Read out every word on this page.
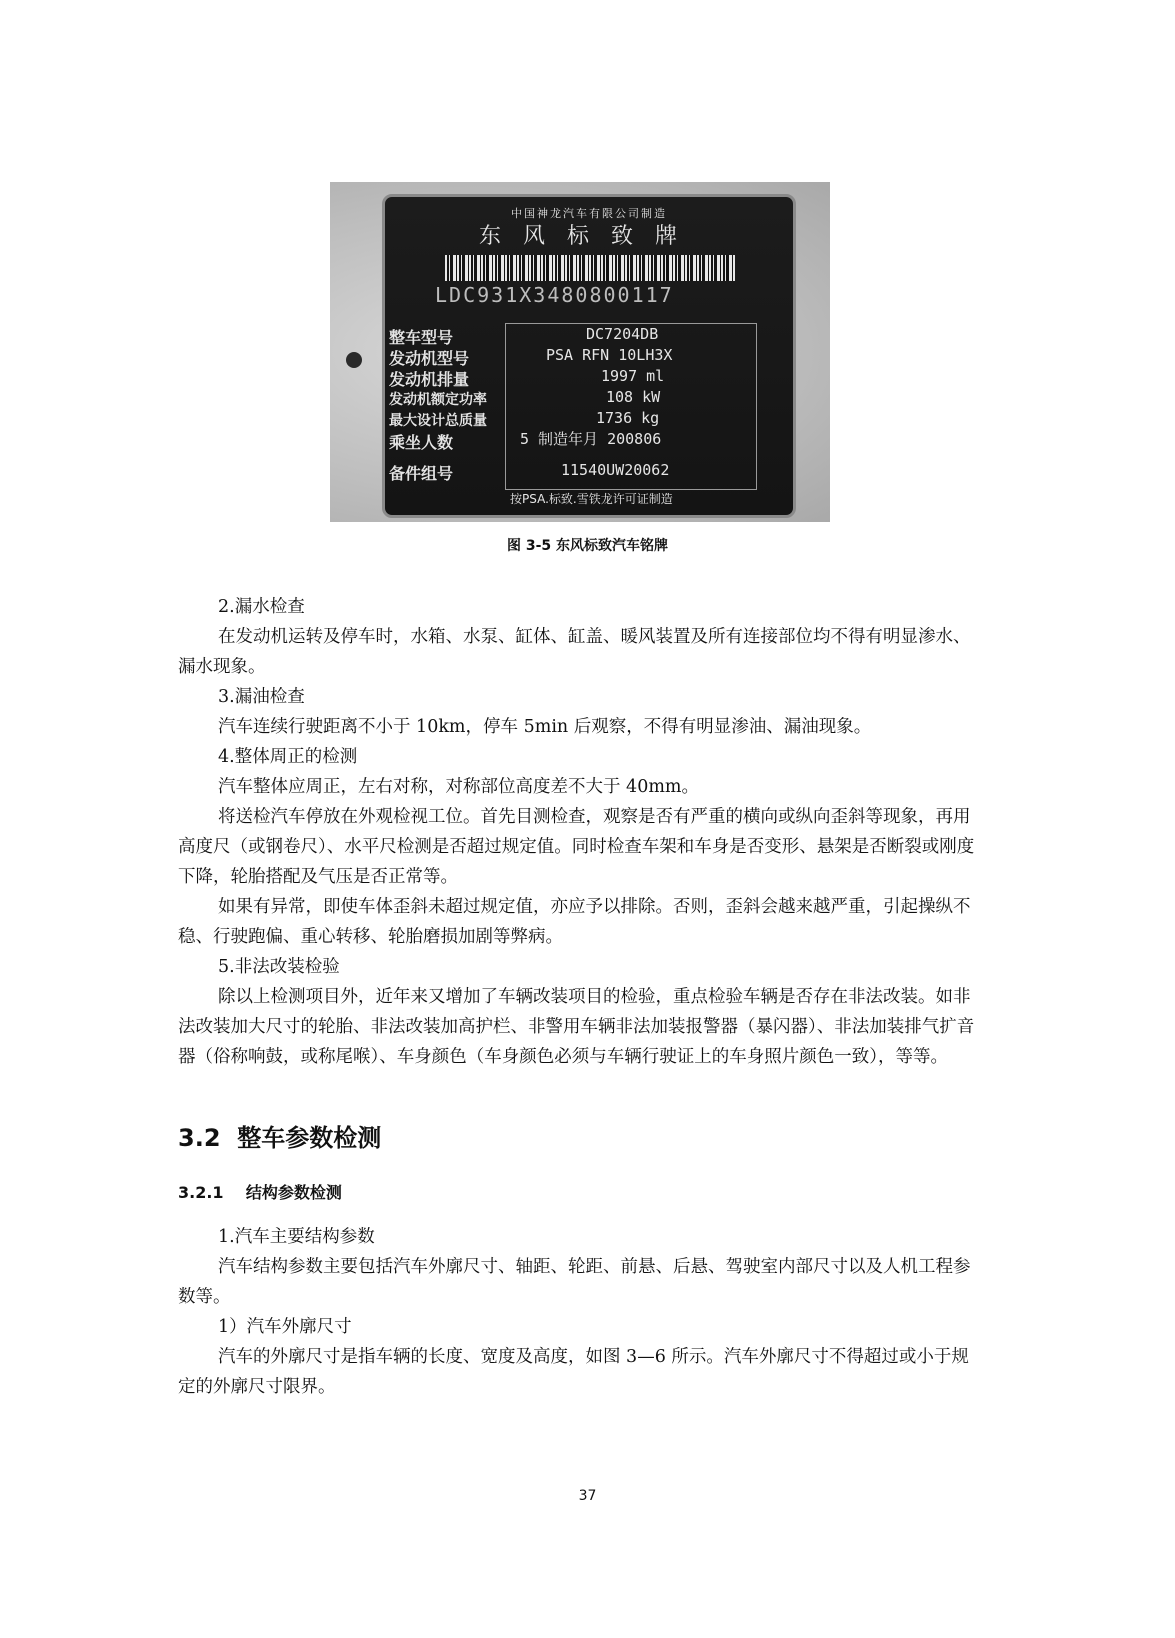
中国神龙汽车有限公司制造
东风标致牌
LDC931X3480800117
整车型号
发动机型号
发动机排量
发动机额定功率
最大设计总质量
乘坐人数
备件组号
DC7204DB
PSA RFN 10LH3X
1997 ml
108 kW
1736 kg
5 制造年月 200806
11540UW20062
按PSA.标致.雪铁龙许可证制造
图 3-5 东风标致汽车铭牌

2.漏水检查

在发动机运转及停车时，水箱、水泵、缸体、缸盖、暖风装置及所有连接部位均不得有明显渗水、漏水现象。

3.漏油检查

汽车连续行驶距离不小于 10km，停车 5min 后观察，不得有明显渗油、漏油现象。

4.整体周正的检测

汽车整体应周正，左右对称，对称部位高度差不大于 40mm。

将送检汽车停放在外观检视工位。首先目测检查，观察是否有严重的横向或纵向歪斜等现象，再用高度尺（或钢卷尺）、水平尺检测是否超过规定值。同时检查车架和车身是否变形、悬架是否断裂或刚度下降，轮胎搭配及气压是否正常等。

如果有异常，即使车体歪斜未超过规定值，亦应予以排除。否则，歪斜会越来越严重，引起操纵不稳、行驶跑偏、重心转移、轮胎磨损加剧等弊病。

5.非法改装检验

除以上检测项目外，近年来又增加了车辆改装项目的检验，重点检验车辆是否存在非法改装。如非法改装加大尺寸的轮胎、非法改装加高护栏、非警用车辆非法加装报警器（暴闪器）、非法加装排气扩音器（俗称响鼓，或称尾喉）、车身颜色（车身颜色必须与车辆行驶证上的车身照片颜色一致），等等。

3.2 整车参数检测
3.2.1 结构参数检测

1.汽车主要结构参数

汽车结构参数主要包括汽车外廓尺寸、轴距、轮距、前悬、后悬、驾驶室内部尺寸以及人机工程参数等。

1）汽车外廓尺寸

汽车的外廓尺寸是指车辆的长度、宽度及高度，如图 3—6 所示。汽车外廓尺寸不得超过或小于规定的外廓尺寸限界。

37
